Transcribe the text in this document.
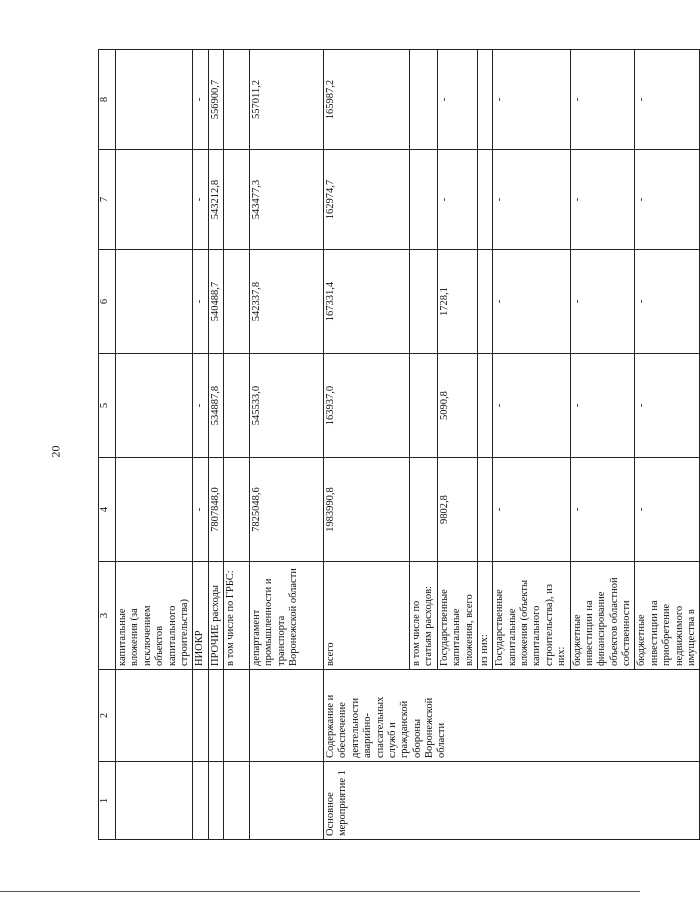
20
1	2	3	4	5	6	7	8
		капитальные вложения (за исключением объектов капитального строительства)					
		НИОКР	-	-	-	-	-
		ПРОЧИЕ расходы	7807848,0	534887,8	540488,7	543212,8	556900,7
		в том числе по ГРБС:					
		департамент промышленности и транспорта Воронежской области	7825048,6	545533,0	542337,8	543477,3	557011,2
Основное мероприятие 1	Содержание и обеспечение деятельности аварийно-спасательных служб и гражданской обороны Воронежской области	всего	1983990,8	163937,0	167331,4	162974,7	165987,2
		в том числе по статьям расходов:					
		Государственные капитальные вложения, всего	9802,8	5090,8	1728,1	-	-
		из них:					
		Государственные капитальные вложения (объекты капитального строительства), из них:	-	-	-	-	-
		бюджетные инвестиции на финансирование объектов областной собственности	-	-	-	-	-
		бюджетные инвестиции на приобретение недвижимого имущества в	-	-	-	-	-
